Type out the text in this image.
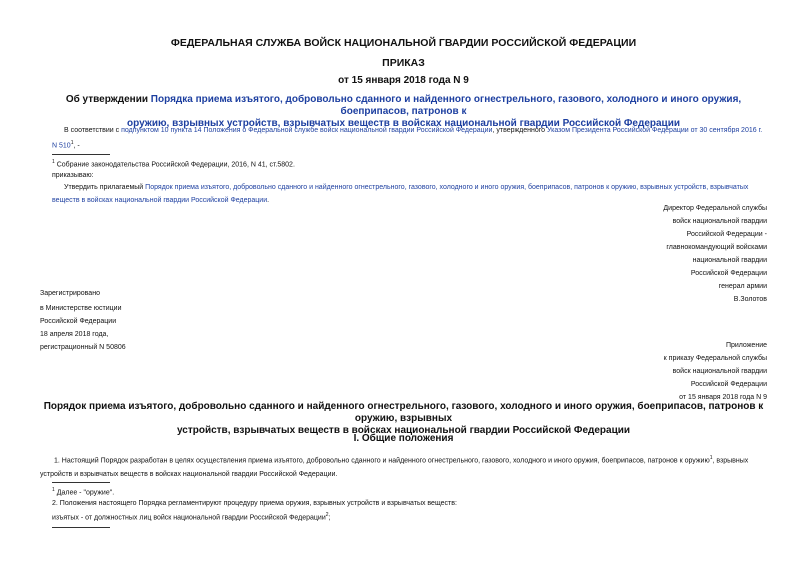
ФЕДЕРАЛЬНАЯ СЛУЖБА ВОЙСК НАЦИОНАЛЬНОЙ ГВАРДИИ РОССИЙСКОЙ ФЕДЕРАЦИИ
ПРИКАЗ
от 15 января 2018 года N 9
Об утверждении Порядка приема изъятого, добровольно сданного и найденного огнестрельного, газового, холодного и иного оружия, боеприпасов, патронов к
оружию, взрывных устройств, взрывчатых веществ в войсках национальной гвардии Российской Федерации
В соответствии с подпунктом 10 пункта 14 Положения о Федеральной службе войск национальной гвардии Российской Федерации, утвержденного Указом Президента Российской Федерации от 30 сентября 2016 г. N $510^1$, -
$^1$ Собрание законодательства Российской Федерации, 2016, N 41, ст.5802.
приказываю:
Утвердить прилагаемый Порядок приема изъятого, добровольно сданного и найденного огнестрельного, газового, холодного и иного оружия, боеприпасов, патронов к оружию, взрывных устройств, взрывчатых веществ в войсках национальной гвардии Российской Федерации.
Директор Федеральной службы
войск национальной гвардии
Российской Федерации -
главнокомандующий войсками
национальной гвардии
Российской Федерации
генерал армии
В.Золотов
Зарегистрировано
в Министерстве юстиции
Российской Федерации
18 апреля 2018 года,
регистрационный N 50806	Приложение
к приказу Федеральной службы
войск национальной гвардии
Российской Федерации
от 15 января 2018 года N 9
Порядок приема изъятого, добровольно сданного и найденного огнестрельного, газового, холодного и иного оружия, боеприпасов, патронов к оружию, взрывных
устройств, взрывчатых веществ в войсках национальной гвардии Российской Федерации
I. Общие положения
1. Настоящий Порядок разработан в целях осуществления приема изъятого, добровольно сданного и найденного огнестрельного, газового, холодного и иного оружия, боеприпасов, патронов к оружию$^1$, взрывных устройств и взрывчатых веществ в войсках национальной гвардии Российской Федерации.
$^1$ Далее - "оружие".
2. Положения настоящего Порядка регламентируют процедуру приема оружия, взрывных устройств и взрывчатых веществ:
изъятых - от должностных лиц войск национальной гвардии Российской Федерации$^2$;
